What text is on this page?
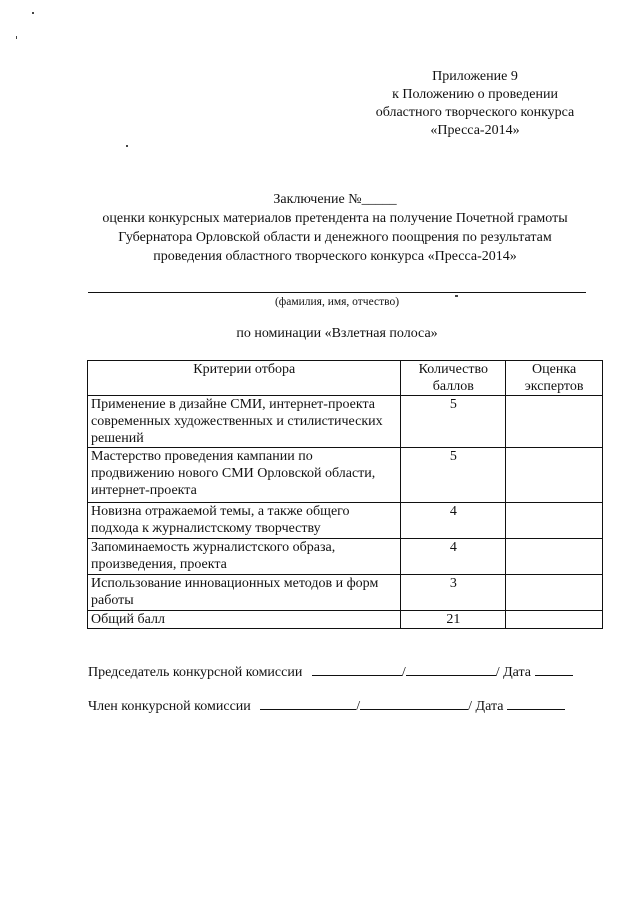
Приложение 9
к Положению о проведении
областного творческого конкурса
«Пресса-2014»
Заключение №_____
оценки конкурсных материалов претендента на получение Почетной грамоты
Губернатора Орловской области и денежного поощрения по результатам
проведения областного творческого конкурса «Пресса-2014»
(фамилия, имя, отчество)
по номинации «Взлетная полоса»
Критерии отбора	Количество баллов	Оценка экспертов
Применение в дизайне СМИ, интернет-проекта современных художественных и стилистических решений	5	
Мастерство проведения кампании по продвижению нового СМИ Орловской области, интернет-проекта	5	
Новизна отражаемой темы, а также общего подхода к журналистскому творчеству	4	
Запоминаемость журналистского образа, произведения, проекта	4	
Использование инновационных методов и форм работы	3	
Общий балл	21	
Председатель конкурсной комиссии	/	/ Дата
Член конкурсной комиссии	/	/ Дата
